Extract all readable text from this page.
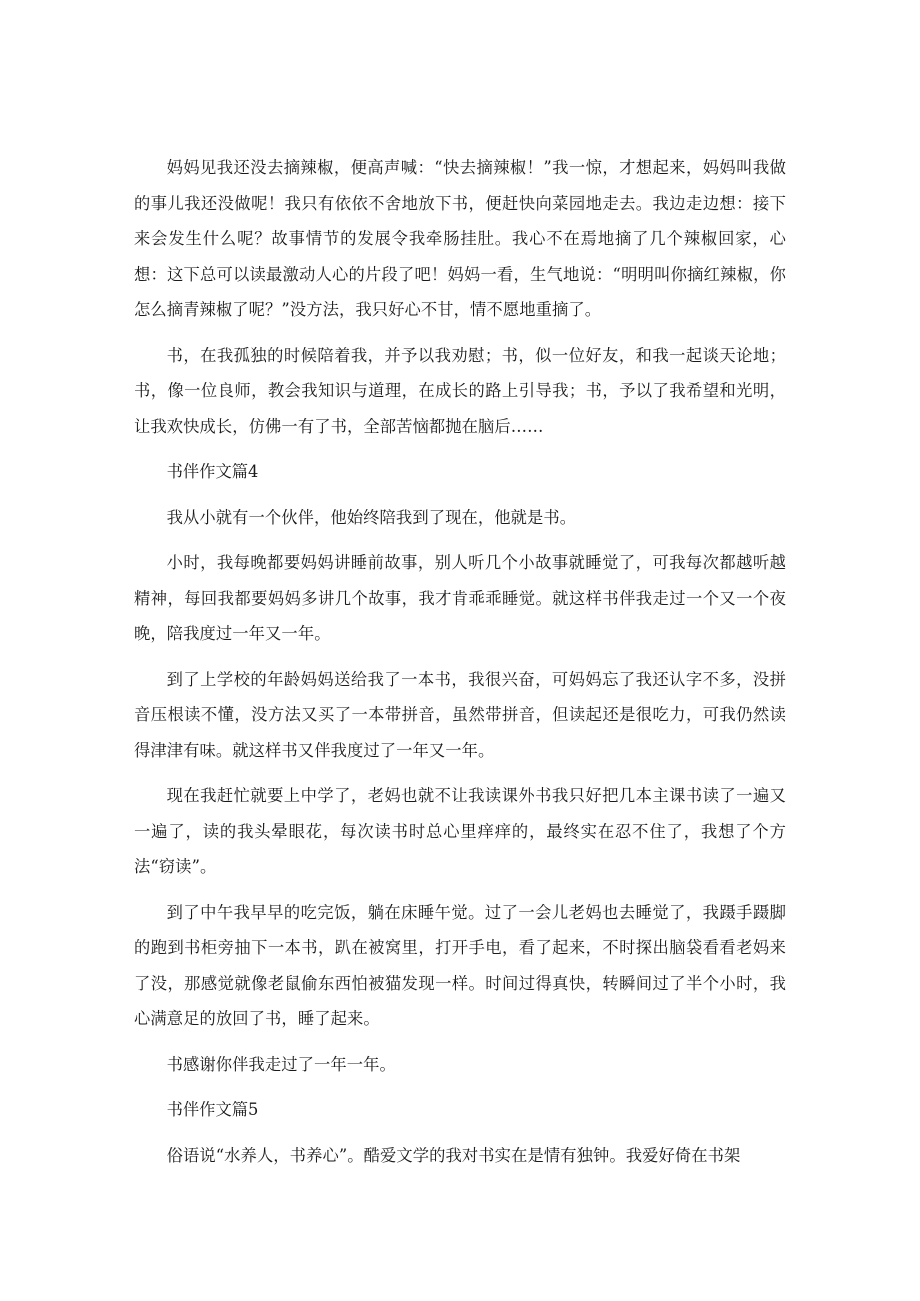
妈妈见我还没去摘辣椒，便高声喊：“快去摘辣椒！”我一惊，才想起来，妈妈叫我做的事儿我还没做呢！我只有依依不舍地放下书，便赶快向菜园地走去。我边走边想：接下来会发生什么呢？故事情节的发展令我牵肠挂肚。我心不在焉地摘了几个辣椒回家，心想：这下总可以读最激动人心的片段了吧！妈妈一看，生气地说：“明明叫你摘红辣椒，你怎么摘青辣椒了呢？”没方法，我只好心不甘，情不愿地重摘了。

书，在我孤独的时候陪着我，并予以我劝慰；书，似一位好友，和我一起谈天论地；书，像一位良师，教会我知识与道理，在成长的路上引导我；书，予以了我希望和光明，让我欢快成长，仿佛一有了书，全部苦恼都抛在脑后……

书伴作文篇4

我从小就有一个伙伴，他始终陪我到了现在，他就是书。

小时，我每晚都要妈妈讲睡前故事，别人听几个小故事就睡觉了，可我每次都越听越精神，每回我都要妈妈多讲几个故事，我才肯乖乖睡觉。就这样书伴我走过一个又一个夜晚，陪我度过一年又一年。

到了上学校的年龄妈妈送给我了一本书，我很兴奋，可妈妈忘了我还认字不多，没拼音压根读不懂，没方法又买了一本带拼音，虽然带拼音，但读起还是很吃力，可我仍然读得津津有味。就这样书又伴我度过了一年又一年。

现在我赶忙就要上中学了，老妈也就不让我读课外书我只好把几本主课书读了一遍又一遍了，读的我头晕眼花，每次读书时总心里痒痒的，最终实在忍不住了，我想了个方法“窃读”。

到了中午我早早的吃完饭，躺在床睡午觉。过了一会儿老妈也去睡觉了，我蹑手蹑脚的跑到书柜旁抽下一本书，趴在被窝里，打开手电，看了起来，不时探出脑袋看看老妈来了没，那感觉就像老鼠偷东西怕被猫发现一样。时间过得真快，转瞬间过了半个小时，我心满意足的放回了书，睡了起来。

书感谢你伴我走过了一年一年。

书伴作文篇5

俗语说“水养人，书养心”。酷爱文学的我对书实在是情有独钟。我爱好倚在书架
